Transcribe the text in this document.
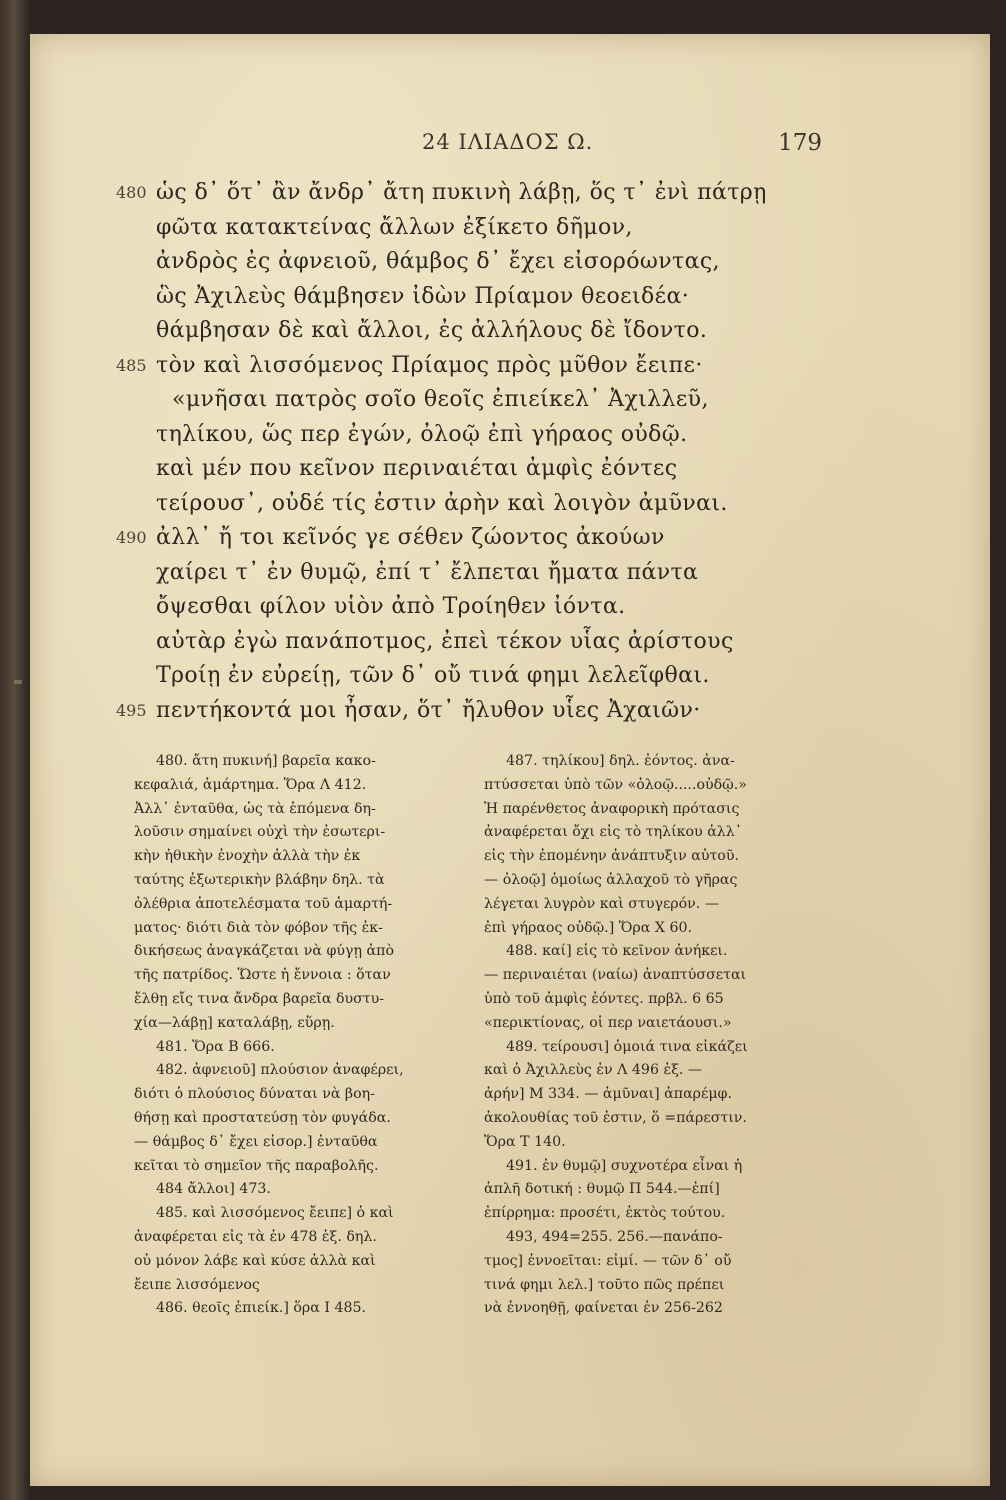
24 ΙΛΙΑΔΟΣ Ω.	179
480 ὡς δ᾽ ὅτ᾽ ἂν ἄνδρ᾽ ἄτη πυκινὴ λάβῃ, ὅς τ᾽ ἐνὶ πάτρῃ
φῶτα κατακτείνας ἄλλων ἐξίκετο δῆμον,
ἀνδρὸς ἐς ἀφνειοῦ, θάμβος δ᾽ ἔχει εἰσορόωντας,
ὣς Ἀχιλεὺς θάμβησεν ἰδὼν Πρίαμον θεοειδέα·
θάμβησαν δὲ καὶ ἄλλοι, ἐς ἀλλήλους δὲ ἴδοντο.
485 τὸν καὶ λισσόμενος Πρίαμος πρὸς μῦθον ἔειπε·
«μνῆσαι πατρὸς σοῖο θεοῖς ἐπιείκελ᾽ Ἀχιλλεῦ,
τηλίκου, ὥς περ ἐγών, ὀλοῷ ἐπὶ γήραος οὐδῷ.
καὶ μέν που κεῖνον περιναιέται ἀμφὶς ἐόντες
τείρουσ᾽, οὐδέ τίς ἐστιν ἀρὴν καὶ λοιγὸν ἀμῦναι.
490 ἀλλ᾽ ἤ τοι κεῖνός γε σέθεν ζώοντος ἀκούων
χαίρει τ᾽ ἐν θυμῷ, ἐπί τ᾽ ἔλπεται ἤματα πάντα
ὄψεσθαι φίλον υἱὸν ἀπὸ Τροίηθεν ἰόντα.
αὐτὰρ ἐγὼ πανάποτμος, ἐπεὶ τέκον υἷας ἀρίστους
Τροίῃ ἐν εὐρείῃ, τῶν δ᾽ οὔ τινά φημι λελεῖφθαι.
495 πεντήκοντά μοι ἦσαν, ὅτ᾽ ἤλυθον υἷες Ἀχαιῶν·
480. ἄτη πυκινή] βαρεῖα κακο-
κεφαλιά, ἁμάρτημα. Ὅρα Λ 412.
Ἀλλ᾽ ἐνταῦθα, ὡς τὰ ἑπόμενα δη-
λοῦσιν σημαίνει οὐχὶ τὴν ἐσωτερι-
κὴν ἠθικὴν ἐνοχὴν ἀλλὰ τὴν ἐκ
ταύτης ἐξωτερικὴν βλάβην δηλ. τὰ
ὀλέθρια ἀποτελέσματα τοῦ ἁμαρτή-
ματος· διότι διὰ τὸν φόβον τῆς ἐκ-
δικήσεως ἀναγκάζεται νὰ φύγῃ ἀπὸ
τῆς πατρίδος. Ὥστε ἡ ἔννοια : ὅταν
ἔλθῃ εἴς τινα ἄνδρα βαρεῖα δυστυ-
χία—λάβῃ] καταλάβῃ, εὕρῃ.
481. Ὅρα Β 666.
482. ἀφνειοῦ] πλούσιον ἀναφέρει,
διότι ὁ πλούσιος δύναται νὰ βοη-
θήσῃ καὶ προστατεύσῃ τὸν φυγάδα.
— θάμβος δ᾽ ἔχει εἰσορ.] ἐνταῦθα
κεῖται τὸ σημεῖον τῆς παραβολῆς.
484 ἄλλοι] 473.
485. καὶ λισσόμενος ἔειπε] ὁ καὶ
ἀναφέρεται εἰς τὰ ἐν 478 ἑξ. δηλ.
οὐ μόνον λάβε καὶ κύσε ἀλλὰ καὶ
ἔειπε λισσόμενος
486. θεοῖς ἐπιείκ.] ὅρα Ι 485.
487. τηλίκου] δηλ. ἐόντος. ἀνα-
πτύσσεται ὑπὸ τῶν «ὀλοῷ.....οὐδῷ.»
Ἡ παρένθετος ἀναφορικὴ πρότασις
ἀναφέρεται ὄχι εἰς τὸ τηλίκου ἀλλ᾽
εἰς τὴν ἑπομένην ἀνάπτυξιν αὐτοῦ.
— ὀλοῷ] ὁμοίως ἀλλαχοῦ τὸ γῆρας
λέγεται λυγρὸν καὶ στυγερόν. —
ἐπὶ γήραος οὐδῷ.] Ὅρα Χ 60.
488. καί] εἰς τὸ κεῖνον ἀνήκει.
— περιναιέται (ναίω) ἀναπτύσσεται
ὑπὸ τοῦ ἀμφὶς ἐόντες. πρβλ. 6 65
«περικτίονας, οἱ περ ναιετάουσι.»
489. τείρουσι] ὁμοιά τινα εἰκάζει
καὶ ὁ Ἀχιλλεὺς ἐν Λ 496 ἑξ. —
ἀρήν] Μ 334. — ἀμῦναι] ἀπαρέμφ.
ἀκολουθίας τοῦ ἐστιν, ὅ =πάρεστιν.
Ὅρα Τ 140.
491. ἐν θυμῷ] συχνοτέρα εἶναι ἡ
ἁπλῆ δοτική : θυμῷ Π 544.—ἐπί]
ἐπίρρημα: προσέτι, ἐκτὸς τούτου.
493, 494=255. 256.—πανάπο-
τμος] ἐννοεῖται: εἰμί. — τῶν δ᾽ οὔ
τινά φημι λελ.] τοῦτο πῶς πρέπει
νὰ ἐννοηθῇ, φαίνεται ἐν 256-262
